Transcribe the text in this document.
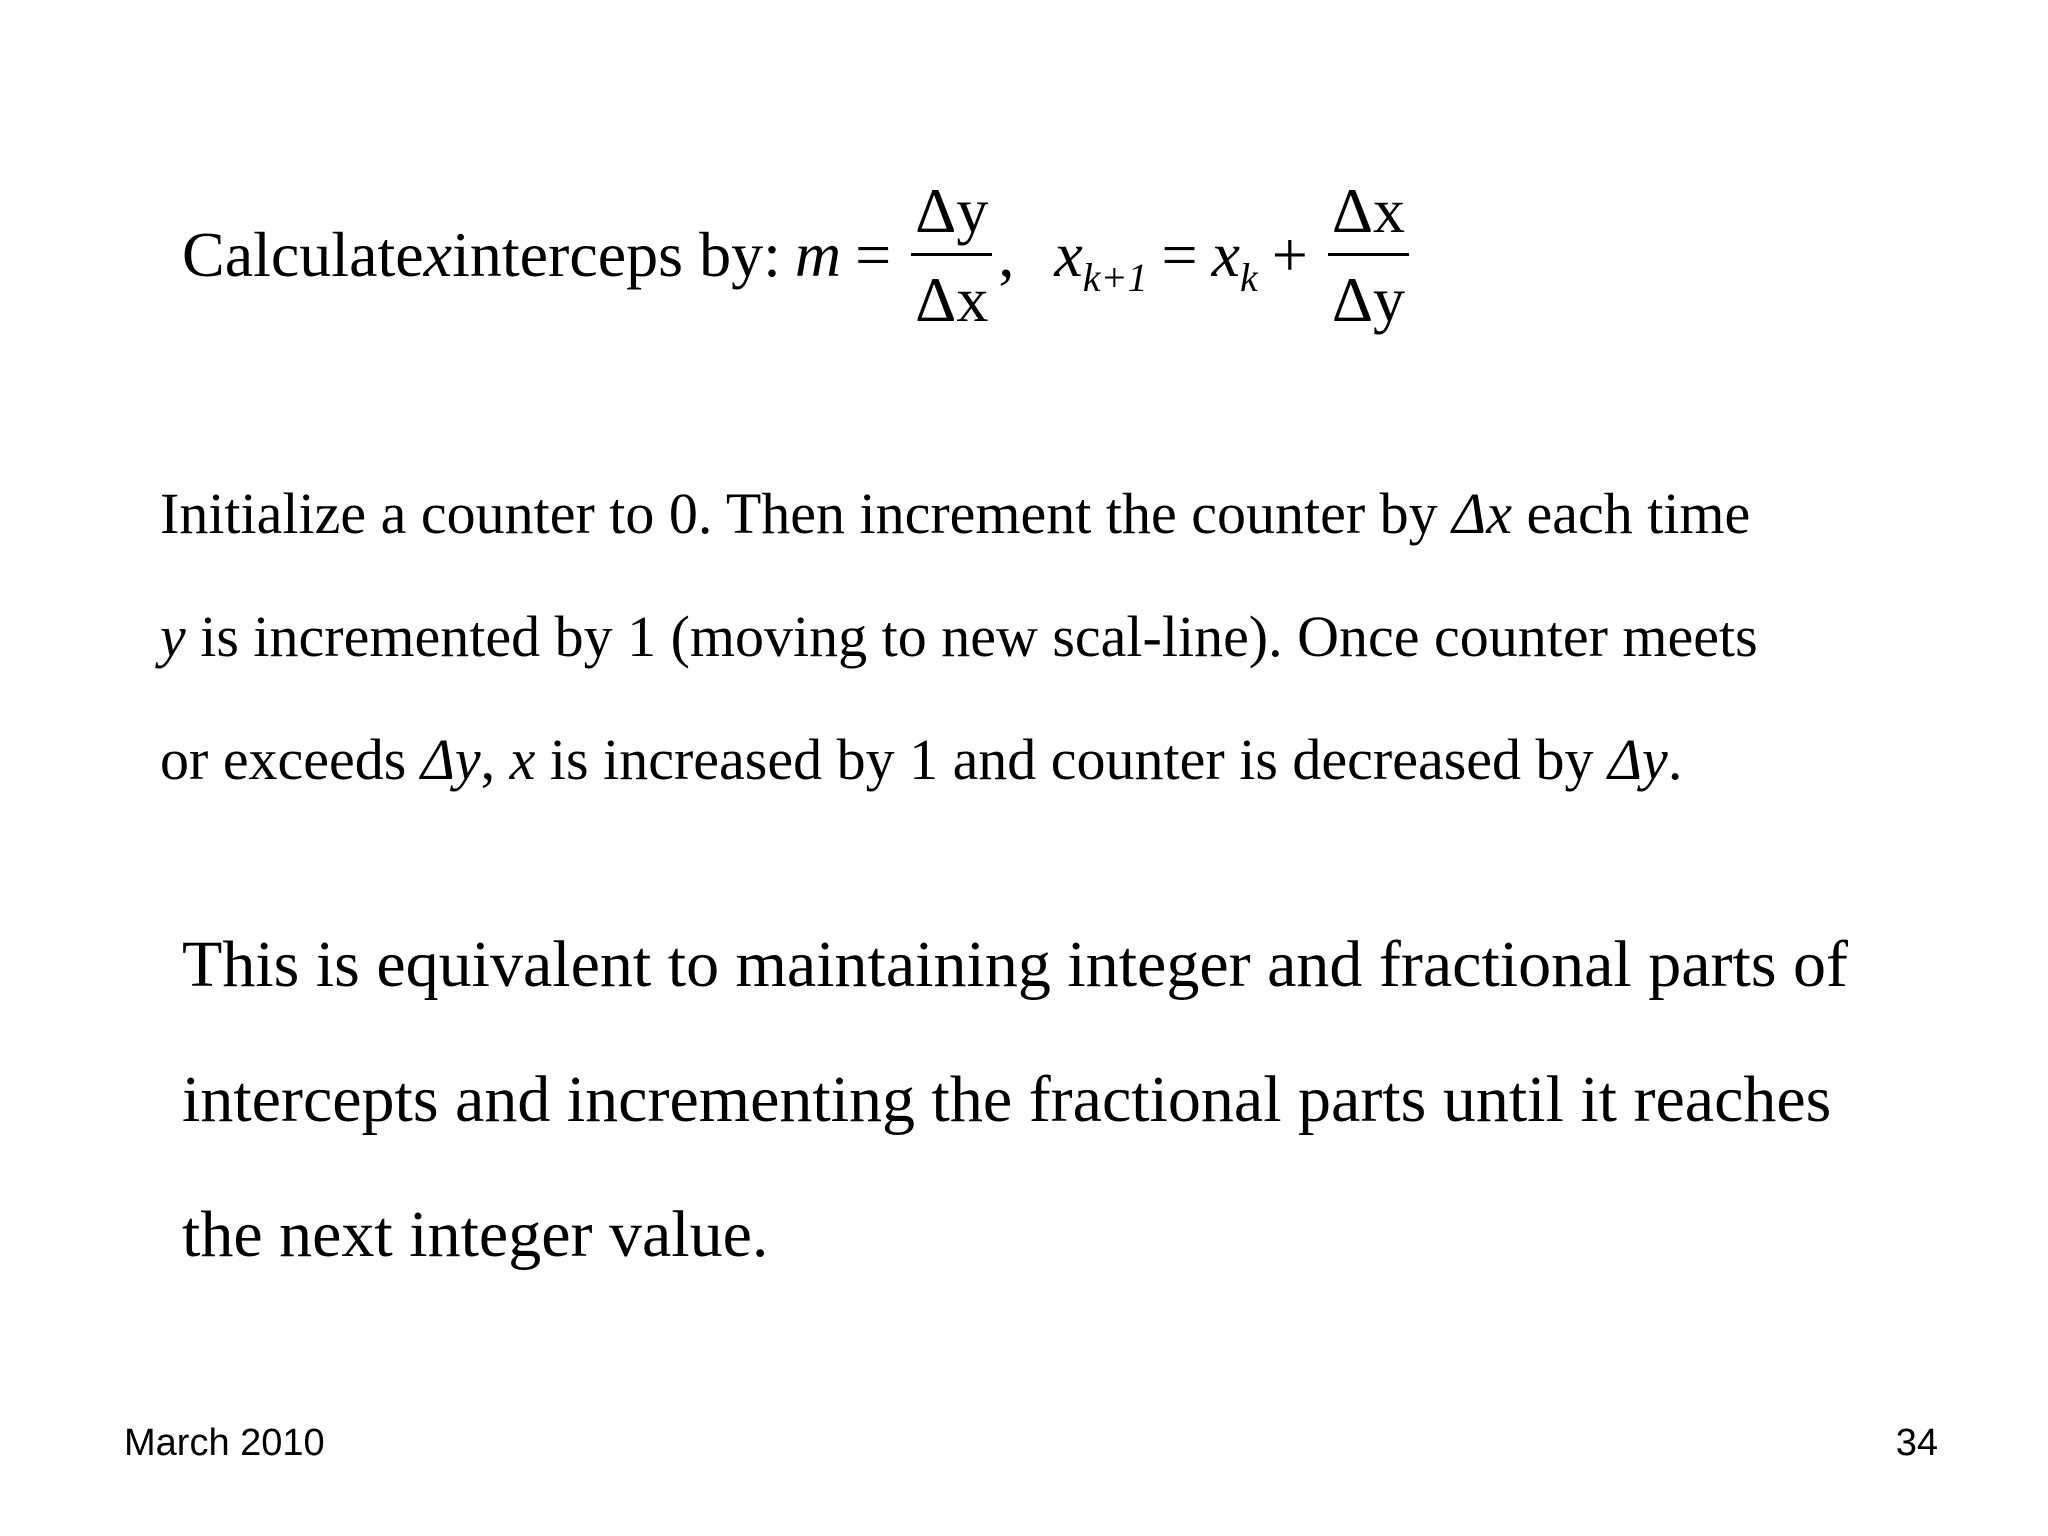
Calculate x interceps by: $m = \frac{\Delta y}{\Delta x}$ , x k+1 = x $k + \frac{\Delta x}{\Delta y}$
Initialize a counter to 0. Then increment the counter by Δx each time
y is incremented by 1 (moving to new scal-line). Once counter meets
or exceeds Δy, x is increased by 1 and counter is decreased by Δy.
This is equivalent to maintaining integer and fractional parts of
intercepts and incrementing the fractional parts until it reaches
the next integer value.
March 2010	34
